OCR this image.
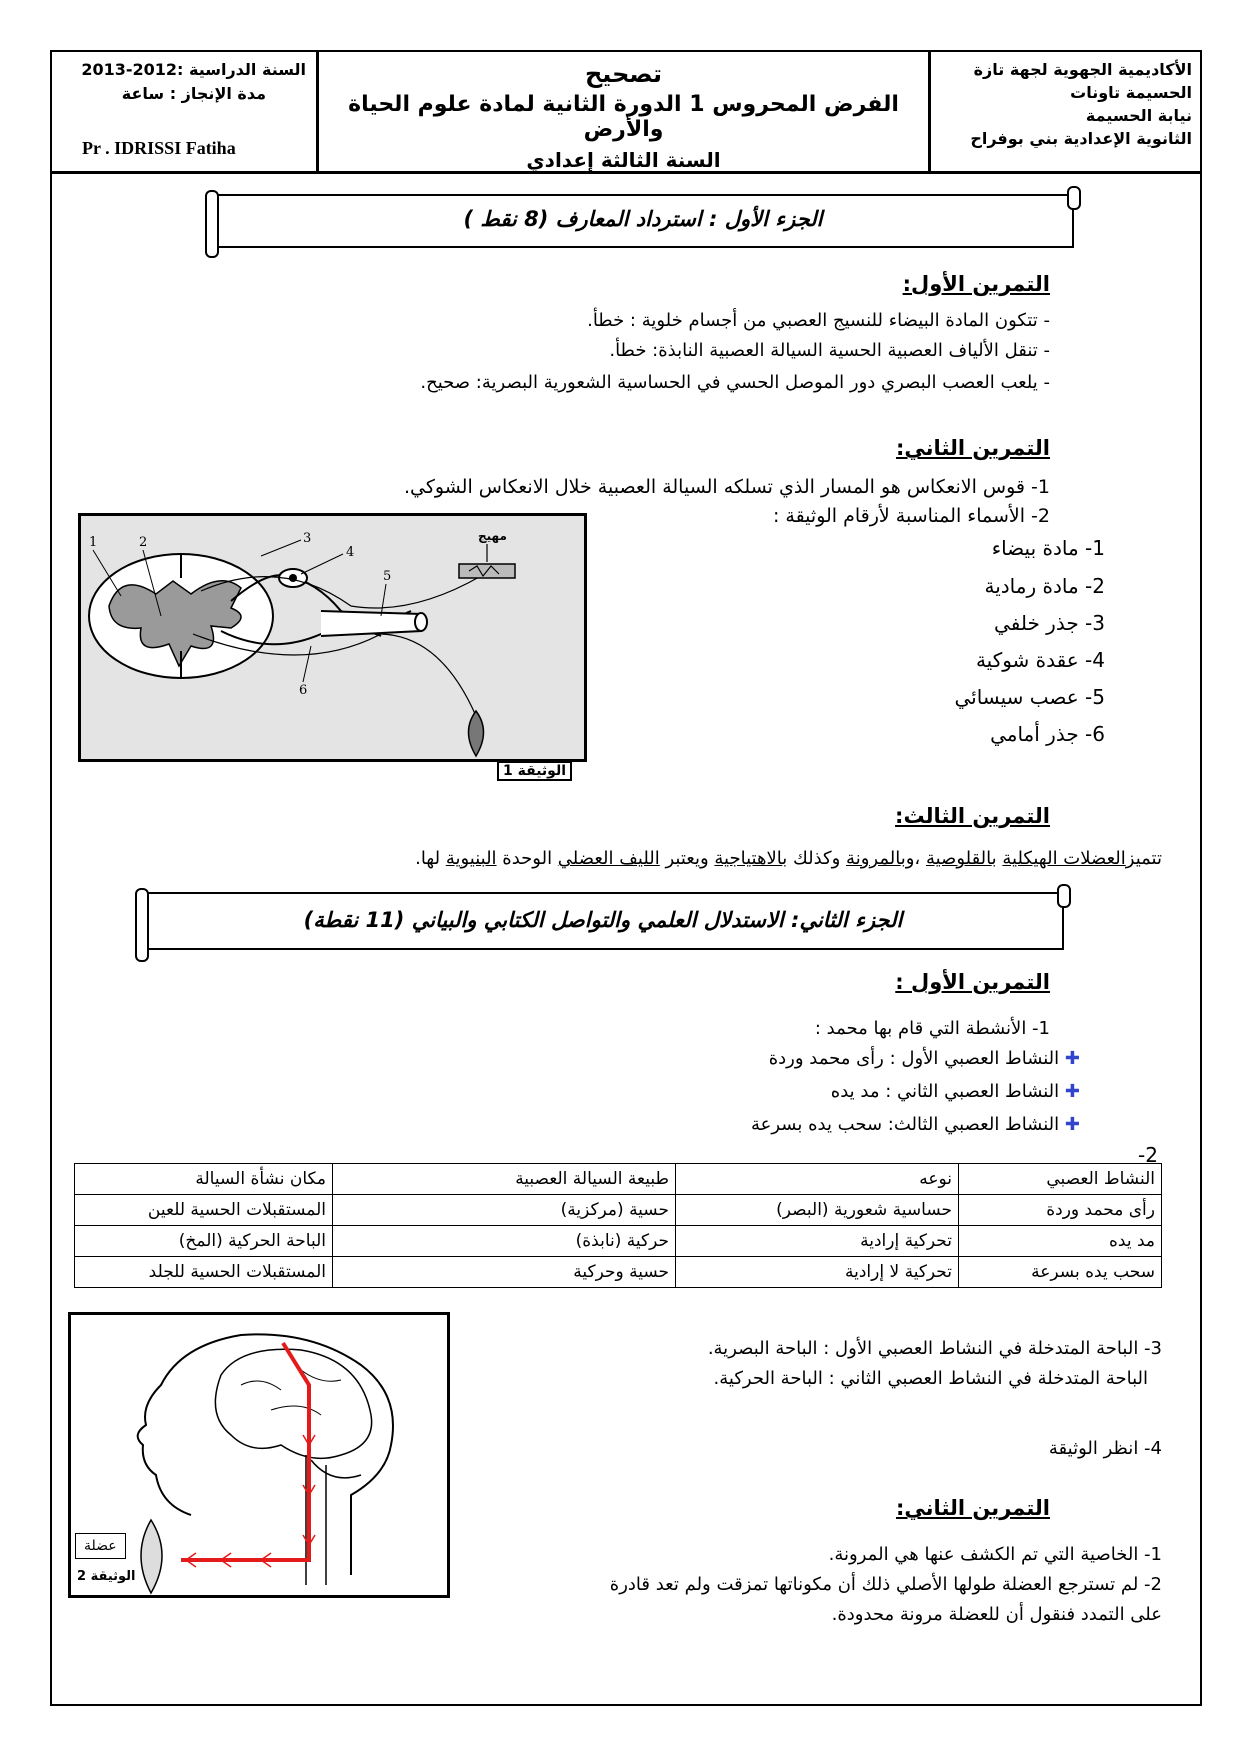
السنة الدراسية :2012-2013
مدة الإنجاز : ساعة
Pr . IDRISSI Fatiha
تصحيح
الفرض المحروس 1 الدورة الثانية لمادة علوم الحياة والأرض
السنة الثالثة إعدادي
الأكاديمية الجهوية لجهة تازة
الحسيمة تاونات
نيابة الحسيمة
الثانوية الإعدادية بني بوفراح
الجزء الأول : استرداد المعارف (8 نقط )
التمرين الأول:
- تتكون المادة البيضاء للنسيج العصبي من أجسام خلوية : خطأ.
- تنقل الألياف العصبية الحسية السيالة العصبية النابذة: خطأ.
- يلعب العصب البصري دور الموصل الحسي في الحساسية الشعورية البصرية: صحيح.
التمرين الثاني:
1- قوس الانعكاس هو المسار الذي تسلكه السيالة العصبية خلال الانعكاس الشوكي.
2- الأسماء المناسبة لأرقام الوثيقة :
1- مادة بيضاء
2- مادة رمادية
3- جذر خلفي
4- عقدة شوكية
5- عصب سيسائي
6- جذر أمامي
مهيج
1	2	3
4
5
6
الوثيقة 1
التمرين الثالث:
تتميزالعضلات الهيكلية بالقلوصية ،وبالمرونة وكذلك بالاهتياجية ويعتبر الليف العضلي الوحدة البنيوية لها.
الجزء الثاني: الاستدلال العلمي والتواصل الكتابي والبياني (11 نقطة)
التمرين الأول :
1- الأنشطة التي قام بها محمد :
✚ النشاط العصبي الأول : رأى محمد وردة
✚ النشاط العصبي الثاني : مد يده
✚ النشاط العصبي الثالث: سحب يده بسرعة
-2
النشاط العصبي	نوعه	طبيعة السيالة العصبية	مكان نشأة السيالة
رأى محمد وردة	حساسية شعورية (البصر)	حسية (مركزية)	المستقبلات الحسية للعين
مد يده	تحركية إرادية	حركية (نابذة)	الباحة الحركية (المخ)
سحب يده بسرعة	تحركية لا إرادية	حسية وحركية	المستقبلات الحسية للجلد
عضلة
الوثيقة 2
3- الباحة المتدخلة في النشاط العصبي الأول : الباحة البصرية.
الباحة المتدخلة في النشاط العصبي الثاني : الباحة الحركية.
4- انظر الوثيقة
التمرين الثاني:
1- الخاصية التي تم الكشف عنها هي المرونة.
2- لم تسترجع العضلة طولها الأصلي ذلك أن مكوناتها تمزقت ولم تعد قادرة
على التمدد فنقول أن للعضلة مرونة محدودة.
